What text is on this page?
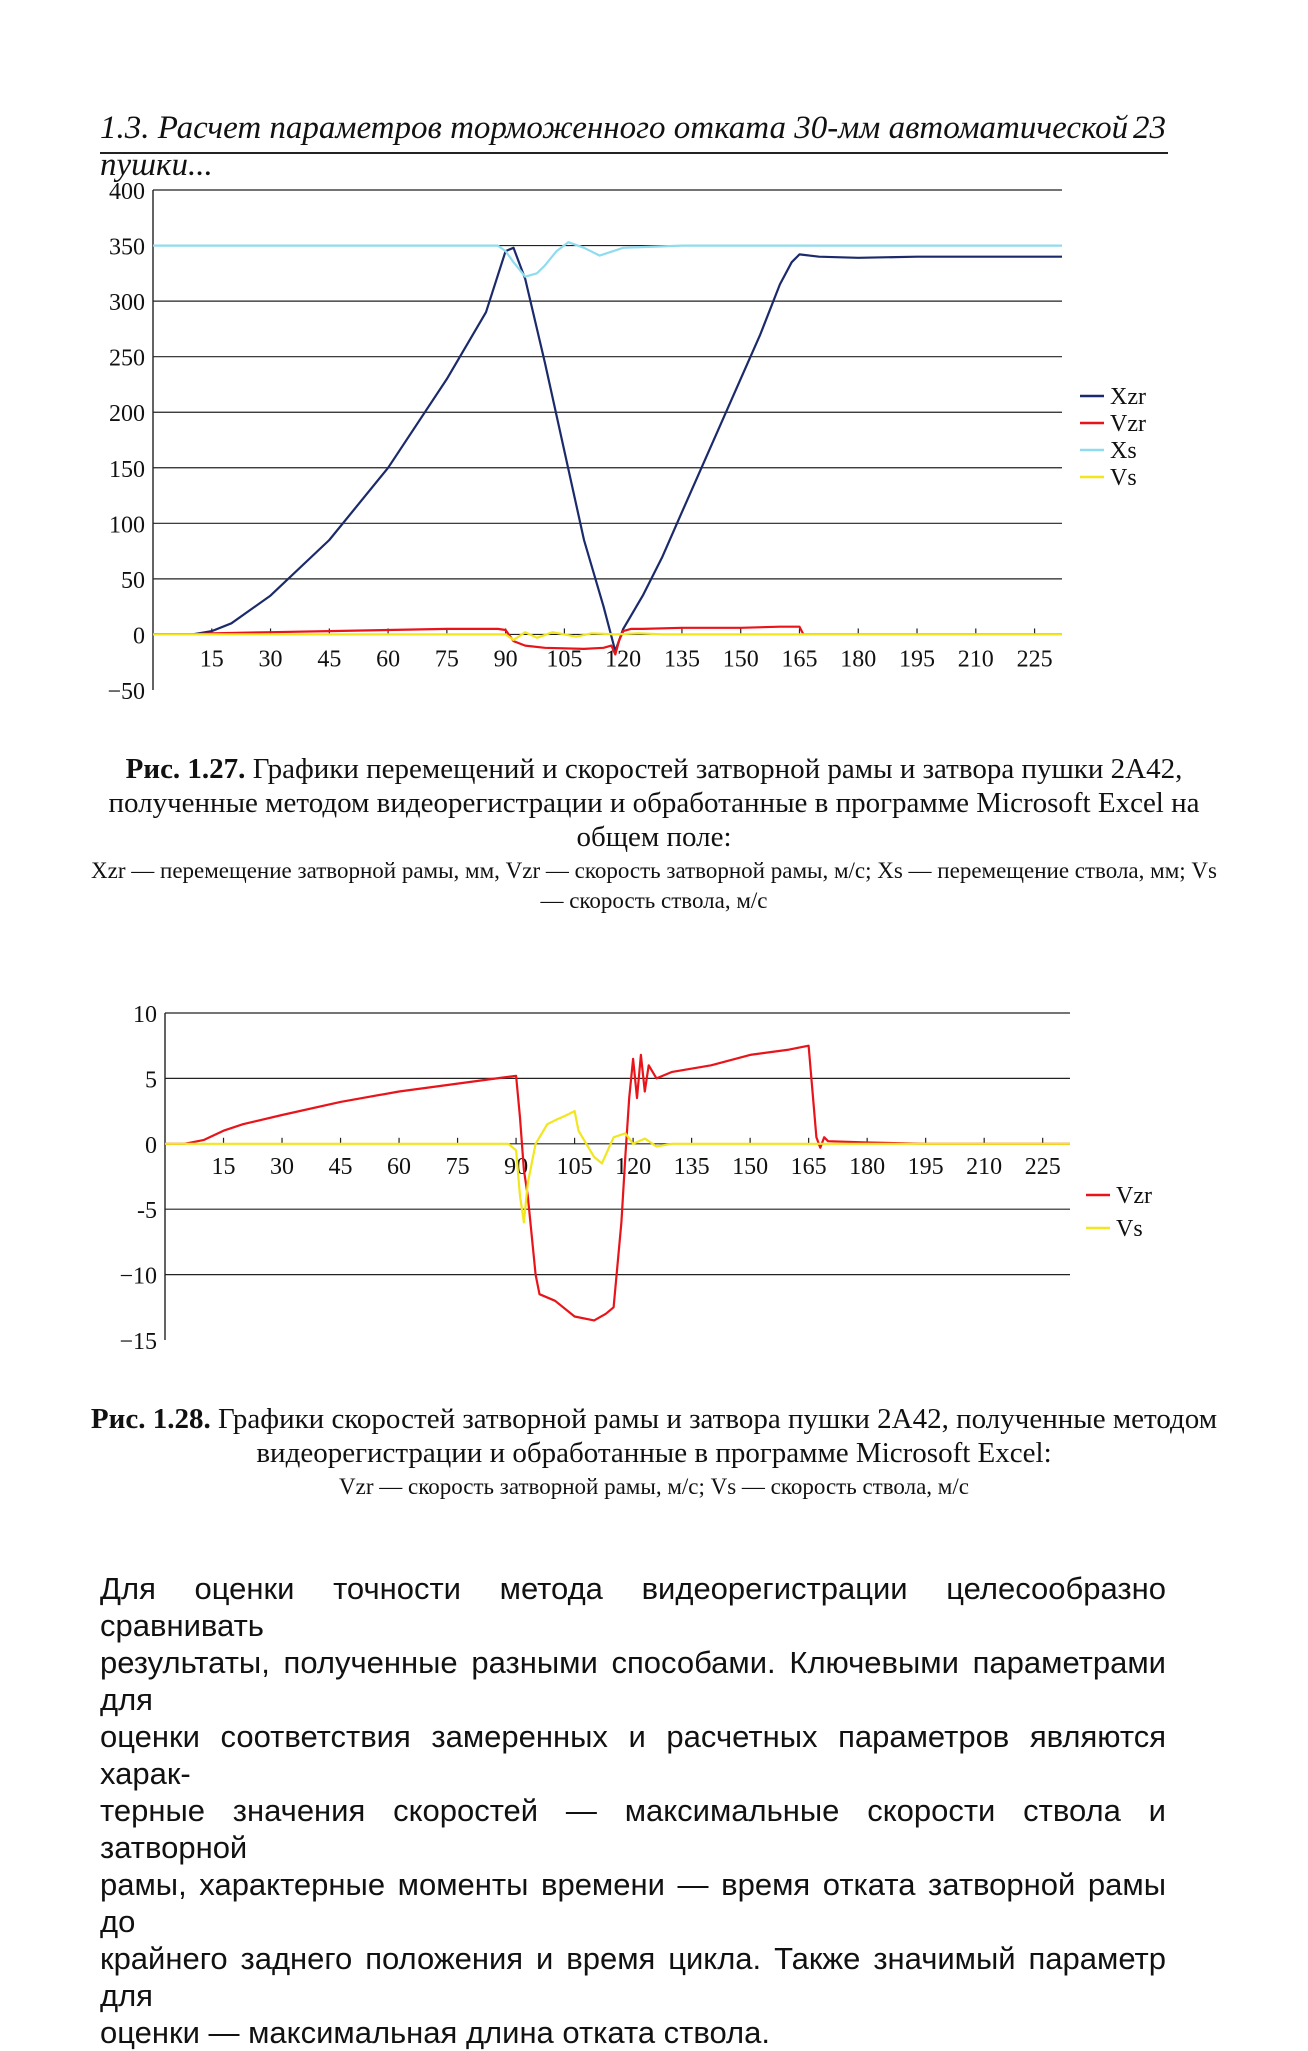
1.3. Расчет параметров торможенного отката 30-мм автоматической пушки...
23
400
350
300
250
200
150
100
50
0
−50
15 30 45 60 75 90 105 120 135 150 165 180 195 210 225
Xzr
Vzr
Xs
Vs
Рис. 1.27. Графики перемещений и скоростей затворной рамы и затвора пушки 2А42, полученные методом видеорегистрации и обработанные в программе Microsoft Excel на общем поле:
Xzr — перемещение затворной рамы, мм, Vzr — скорость затворной рамы, м/с; Xs — перемещение ствола, мм; Vs — скорость ствола, м/с
10
5
0
-5
−10
−15
15 30 45 60 75 90 105 120 135 150 165 180 195 210 225
Vzr
Vs
Рис. 1.28. Графики скоростей затворной рамы и затвора пушки 2А42, полученные методом видеорегистрации и обработанные в программе Microsoft Excel:
Vzr — скорость затворной рамы, м/с; Vs — скорость ствола, м/с
Для оценки точности метода видеорегистрации целесообразно сравнивать
результаты, полученные разными способами. Ключевыми параметрами для
оценки соответствия замеренных и расчетных параметров являются харак-
терные значения скоростей — максимальные скорости ствола и затворной
рамы, характерные моменты времени — время отката затворной рамы до
крайнего заднего положения и время цикла. Также значимый параметр для
оценки — максимальная длина отката ствола.
